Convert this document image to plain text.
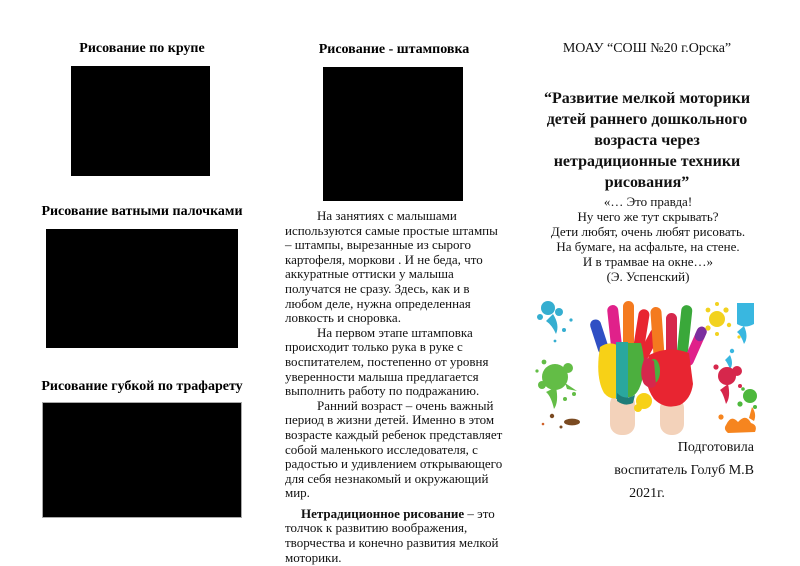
Рисование по крупе
Рисование ватными палочками
Рисование губкой по трафарету
Рисование - штамповка

На занятиях с малышами используются самые простые штампы – штампы, вырезанные из сырого картофеля, моркови . И не беда, что аккуратные оттиски у малыша получатся не сразу. Здесь, как и в любом деле, нужна определенная ловкость и сноровка.

На первом этапе штамповка происходит только рука в руке с воспитателем, постепенно от уровня уверенности малыша предлагается выполнить работу по подражанию.

Ранний возраст – очень важный период в жизни детей. Именно в этом возрасте каждый ребенок представляет собой маленького исследователя, с радостью и удивлением открывающего для себя незнакомый и окружающий мир.

Нетрадиционное рисование – это толчок к развитию воображения, творчества и конечно развития мелкой моторики.

МОАУ “СОШ №20 г.Орска”
“Развитие мелкой моторики детей раннего дошкольного возраста через нетрадиционные техники рисования”
«… Это правда!
Ну чего же тут скрывать?
Дети любят, очень любят рисовать.
На бумаге, на асфальте, на стене.
И в трамвае на окне…»
(Э. Успенский)
Подготовила
воспитатель Голуб М.В
2021г.
